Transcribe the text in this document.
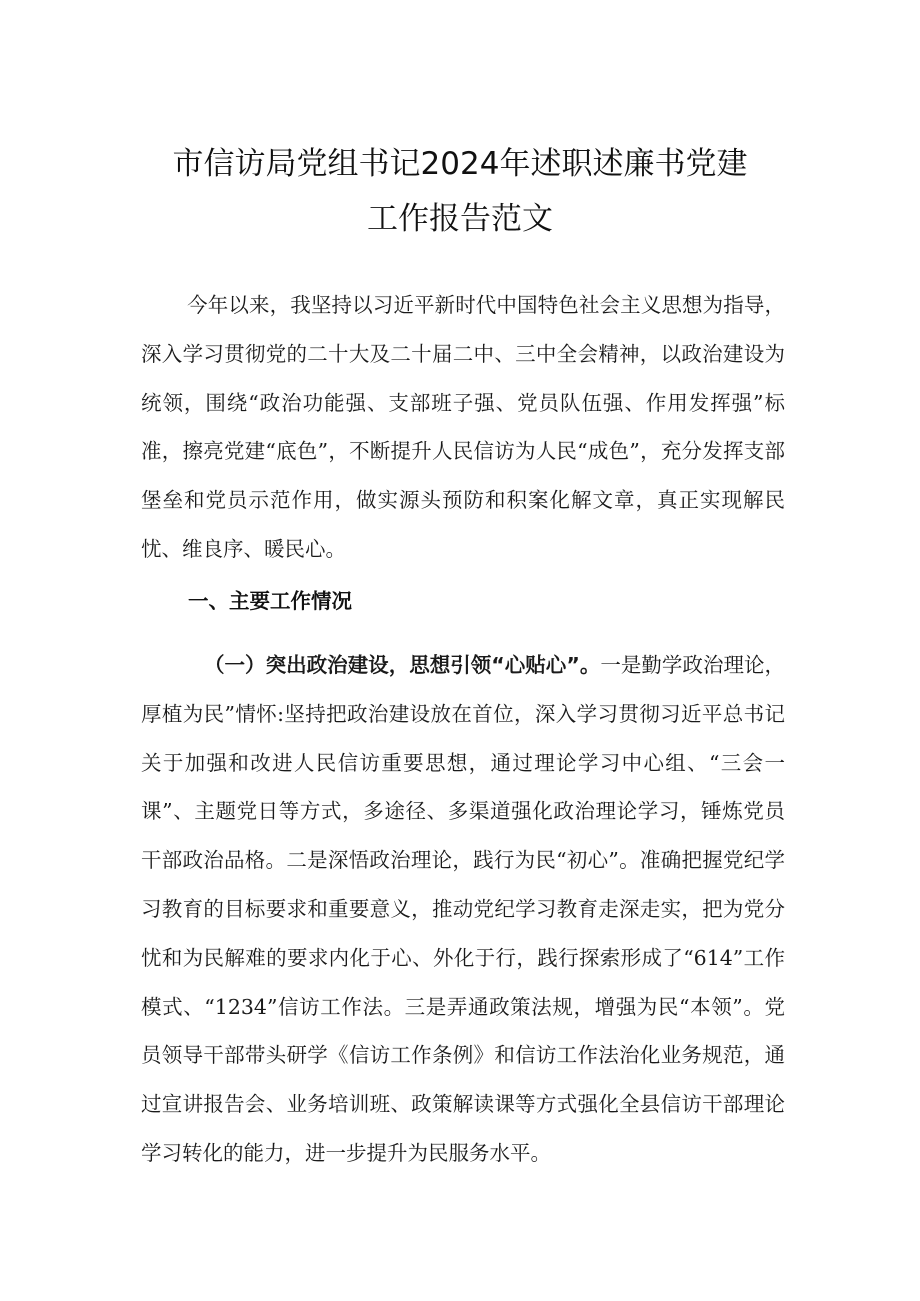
市信访局党组书记2024年述职述廉书党建
工作报告范文

今年以来，我坚持以习近平新时代中国特色社会主义思想为指导，深入学习贯彻党的二十大及二十届二中、三中全会精神，以政治建设为统领，围绕“政治功能强、支部班子强、党员队伍强、作用发挥强”标准，擦亮党建“底色”，不断提升人民信访为人民“成色”，充分发挥支部堡垒和党员示范作用，做实源头预防和积案化解文章，真正实现解民忧、维良序、暖民心。

一、主要工作情况

（一）突出政治建设，思想引领“心贴心”。一是勤学政治理论，厚植为民”情怀:坚持把政治建设放在首位，深入学习贯彻习近平总书记关于加强和改进人民信访重要思想，通过理论学习中心组、“三会一课”、主题党日等方式，多途径、多渠道强化政治理论学习，锤炼党员干部政治品格。二是深悟政治理论，践行为民“初心”。准确把握党纪学习教育的目标要求和重要意义，推动党纪学习教育走深走实，把为党分忧和为民解难的要求内化于心、外化于行，践行探索形成了“614”工作模式、“1234”信访工作法。三是弄通政策法规，增强为民“本领”。党员领导干部带头研学《信访工作条例》和信访工作法治化业务规范，通过宣讲报告会、业务培训班、政策解读课等方式强化全县信访干部理论学习转化的能力，进一步提升为民服务水平。
